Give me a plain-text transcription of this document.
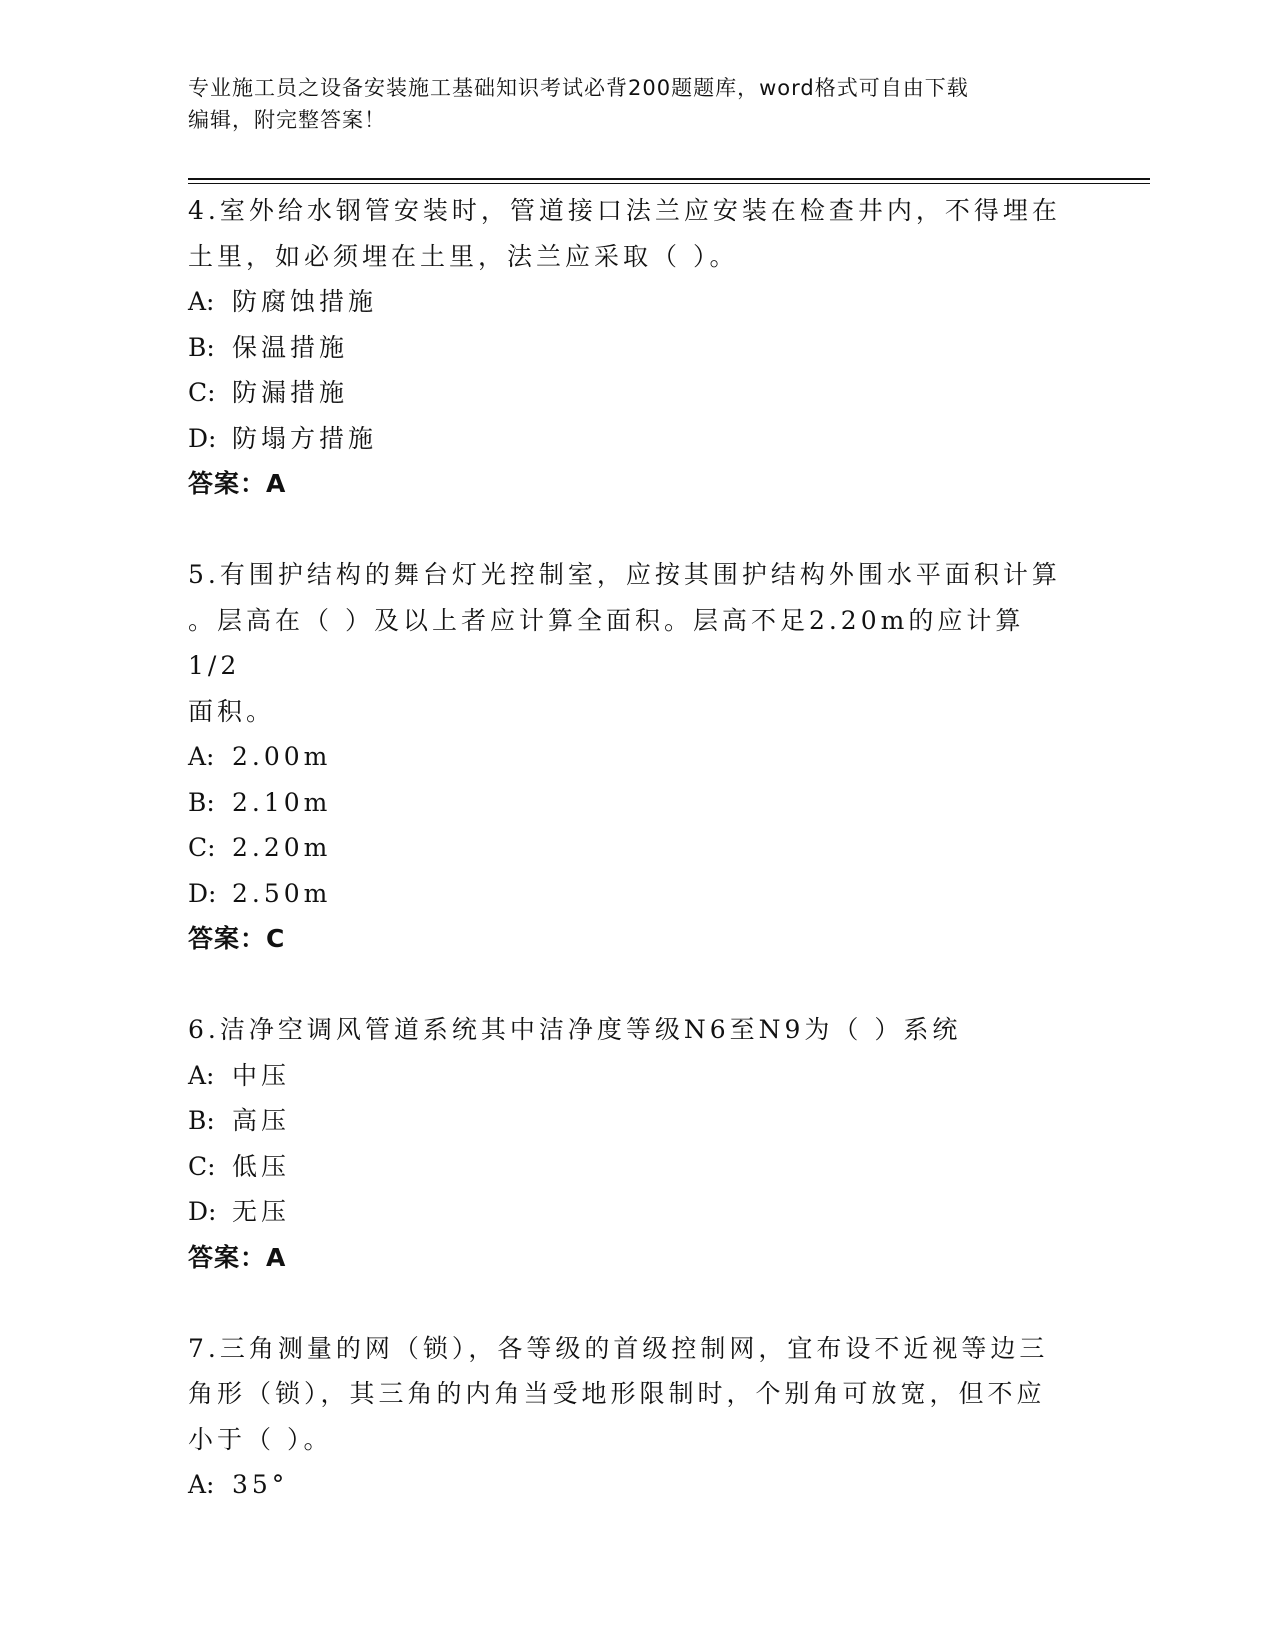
专业施工员之设备安装施工基础知识考试必背200题题库，word格式可自由下载
编辑，附完整答案！
4.室外给水钢管安装时，管道接口法兰应安装在检查井内，不得埋在
土里，如必须埋在土里，法兰应采取（ ）。
A: 防腐蚀措施
B: 保温措施
C: 防漏措施
D: 防塌方措施
答案：A
5.有围护结构的舞台灯光控制室，应按其围护结构外围水平面积计算
。层高在（ ）及以上者应计算全面积。层高不足2.20m的应计算1/2
面积。
A: 2.00m
B: 2.10m
C: 2.20m
D: 2.50m
答案：C
6.洁净空调风管道系统其中洁净度等级N6至N9为（ ）系统
A: 中压
B: 高压
C: 低压
D: 无压
答案：A
7.三角测量的网（锁），各等级的首级控制网，宜布设不近视等边三
角形（锁），其三角的内角当受地形限制时，个别角可放宽，但不应
小于（ ）。
A: 35°
